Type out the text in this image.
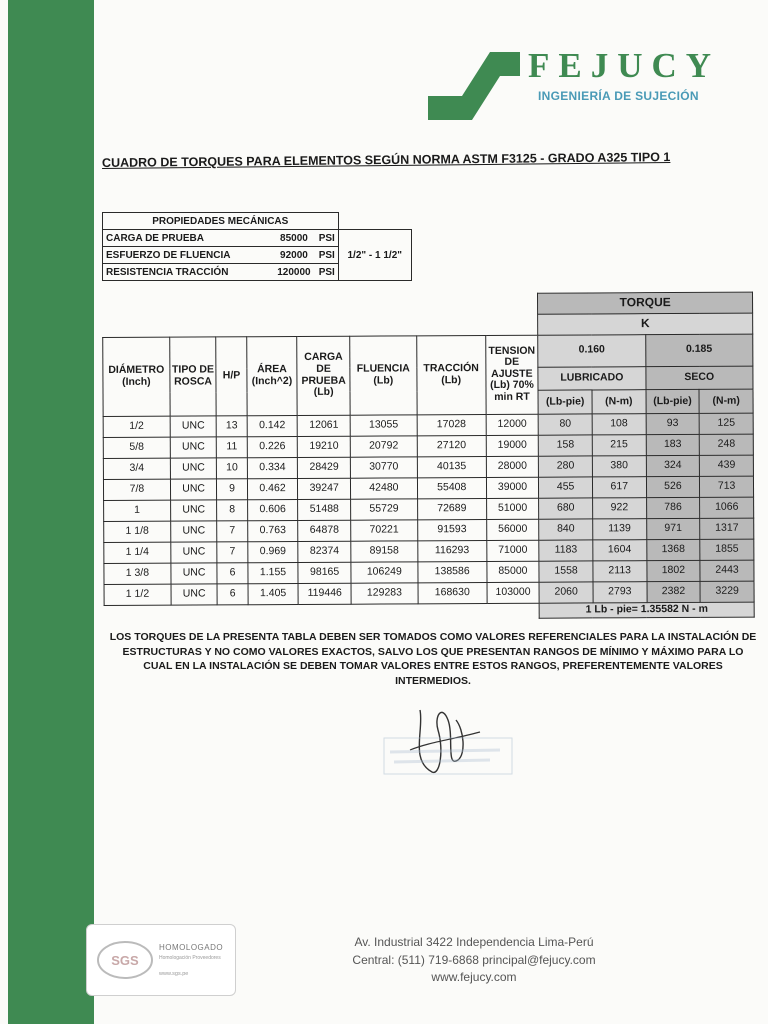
FEJUCY
INGENIERÍA DE SUJECIÓN
CUADRO DE TORQUES PARA ELEMENTOS SEGÚN NORMA ASTM F3125 - GRADO A325 TIPO 1
PROPIEDADES MECÁNICAS			
CARGA DE PRUEBA	85000	PSI	1/2" - 1 1/2"
ESFUERZO DE FLUENCIA	92000	PSI	
RESISTENCIA TRACCIÓN	120000	PSI	
								TORQUE			
								K			
DIÁMETRO (Inch)	TIPO DE ROSCA	H/P	ÁREA (Inch^2)	CARGA DE PRUEBA (Lb)	FLUENCIA (Lb)	TRACCIÓN (Lb)	TENSION DE AJUSTE (Lb) 70% min RT	0.160		0.185	
								LUBRICADO		SECO	
								(Lb-pie)	(N-m)	(Lb-pie)	(N-m)
1/2	UNC	13	0.142	12061	13055	17028	12000	80	108	93	125
5/8	UNC	11	0.226	19210	20792	27120	19000	158	215	183	248
3/4	UNC	10	0.334	28429	30770	40135	28000	280	380	324	439
7/8	UNC	9	0.462	39247	42480	55408	39000	455	617	526	713
1	UNC	8	0.606	51488	55729	72689	51000	680	922	786	1066
1 1/8	UNC	7	0.763	64878	70221	91593	56000	840	1139	971	1317
1 1/4	UNC	7	0.969	82374	89158	116293	71000	1183	1604	1368	1855
1 3/8	UNC	6	1.155	98165	106249	138586	85000	1558	2113	1802	2443
1 1/2	UNC	6	1.405	119446	129283	168630	103000	2060	2793	2382	3229
								1 Lb - pie= 1.35582 N - m			
LOS TORQUES DE LA PRESENTA TABLA DEBEN SER TOMADOS COMO VALORES REFERENCIALES PARA LA INSTALACIÓN DE ESTRUCTURAS Y NO COMO VALORES EXACTOS, SALVO LOS QUE PRESENTAN RANGOS DE MÍNIMO Y MÁXIMO PARA LO CUAL EN LA INSTALACIÓN SE DEBEN TOMAR VALORES ENTRE ESTOS RANGOS, PREFERENTEMENTE VALORES INTERMEDIOS.
SGS
HOMOLOGADO
Homologación Proveedores
www.sgs.pe
Av. Industrial 3422 Independencia Lima-Perú
Central: (511) 719-6868 principal@fejucy.com
www.fejucy.com
